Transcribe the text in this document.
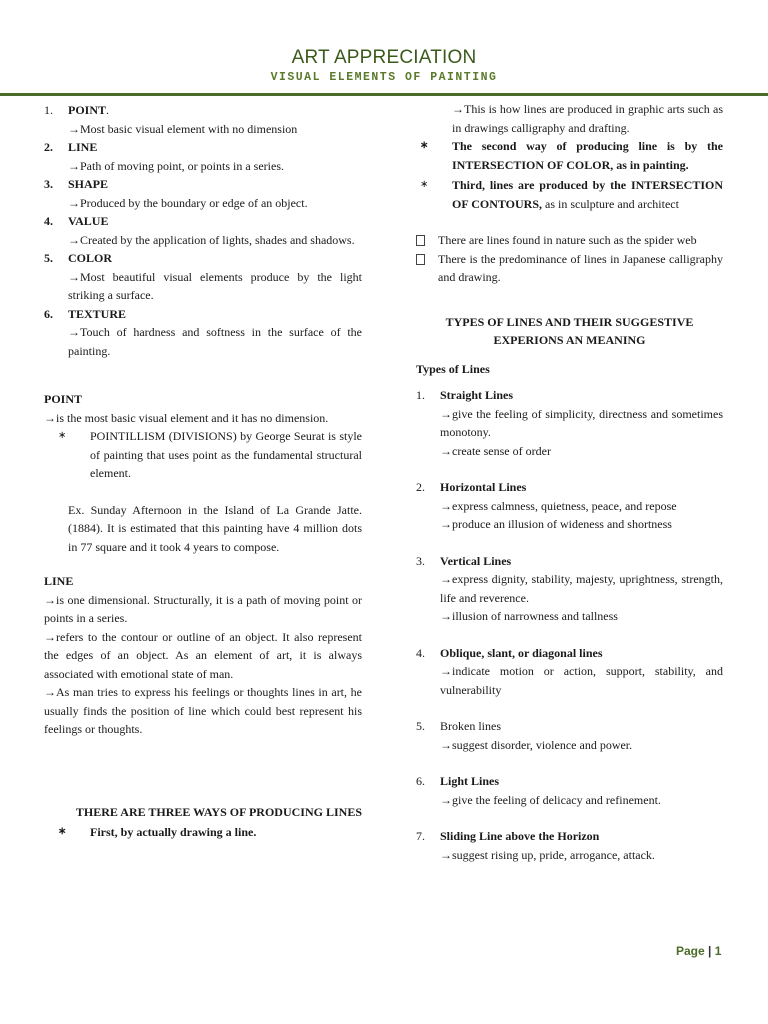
ART APPRECIATION
VISUAL ELEMENTS OF PAINTING

1. POINT.

→Most basic visual element with no dimension

2. LINE

→Path of moving point, or points in a series.

3. SHAPE

→Produced by the boundary or edge of an object.

4. VALUE

→Created by the application of lights, shades and shadows.

5. COLOR

→Most beautiful visual elements produce by the light striking a surface.

6. TEXTURE

→Touch of hardness and softness in the surface of the painting.

POINT

→is the most basic visual element and it has no dimension.

∗ POINTILLISM (DIVISIONS) by George Seurat is style of painting that uses point as the fundamental structural element.

Ex. Sunday Afternoon in the Island of La Grande Jatte. (1884). It is estimated that this painting have 4 million dots in 77 square and it took 4 years to compose.

LINE

→is one dimensional. Structurally, it is a path of moving point or points in a series.

→refers to the contour or outline of an object. It also represent the edges of an object. As an element of art, it is always associated with emotional state of man.

→As man tries to express his feelings or thoughts lines in art, he usually finds the position of line which could best represent his feelings or thoughts.

THERE ARE THREE WAYS OF PRODUCING LINES

∗ First, by actually drawing a line.

→This is how lines are produced in graphic arts such as in drawings calligraphy and drafting.

∗ The second way of producing line is by the INTERSECTION OF COLOR, as in painting.
∗ Third, lines are produced by the INTERSECTION OF CONTOURS, as in sculpture and architect
There are lines found in nature such as the spider web
There is the predominance of lines in Japanese calligraphy and drawing.

TYPES OF LINES AND THEIR SUGGESTIVE EXPERIONS AN MEANING

Types of Lines

1. Straight Lines

→give the feeling of simplicity, directness and sometimes monotony.

→create sense of order

2. Horizontal Lines

→express calmness, quietness, peace, and repose

→produce an illusion of wideness and shortness

3. Vertical Lines

→express dignity, stability, majesty, uprightness, strength, life and reverence.

→illusion of narrowness and tallness

4. Oblique, slant, or diagonal lines

→indicate motion or action, support, stability, and vulnerability

5. Broken lines

→suggest disorder, violence and power.

6. Light Lines

→give the feeling of delicacy and refinement.

7. Sliding Line above the Horizon

→suggest rising up, pride, arrogance, attack.

Page | 1
